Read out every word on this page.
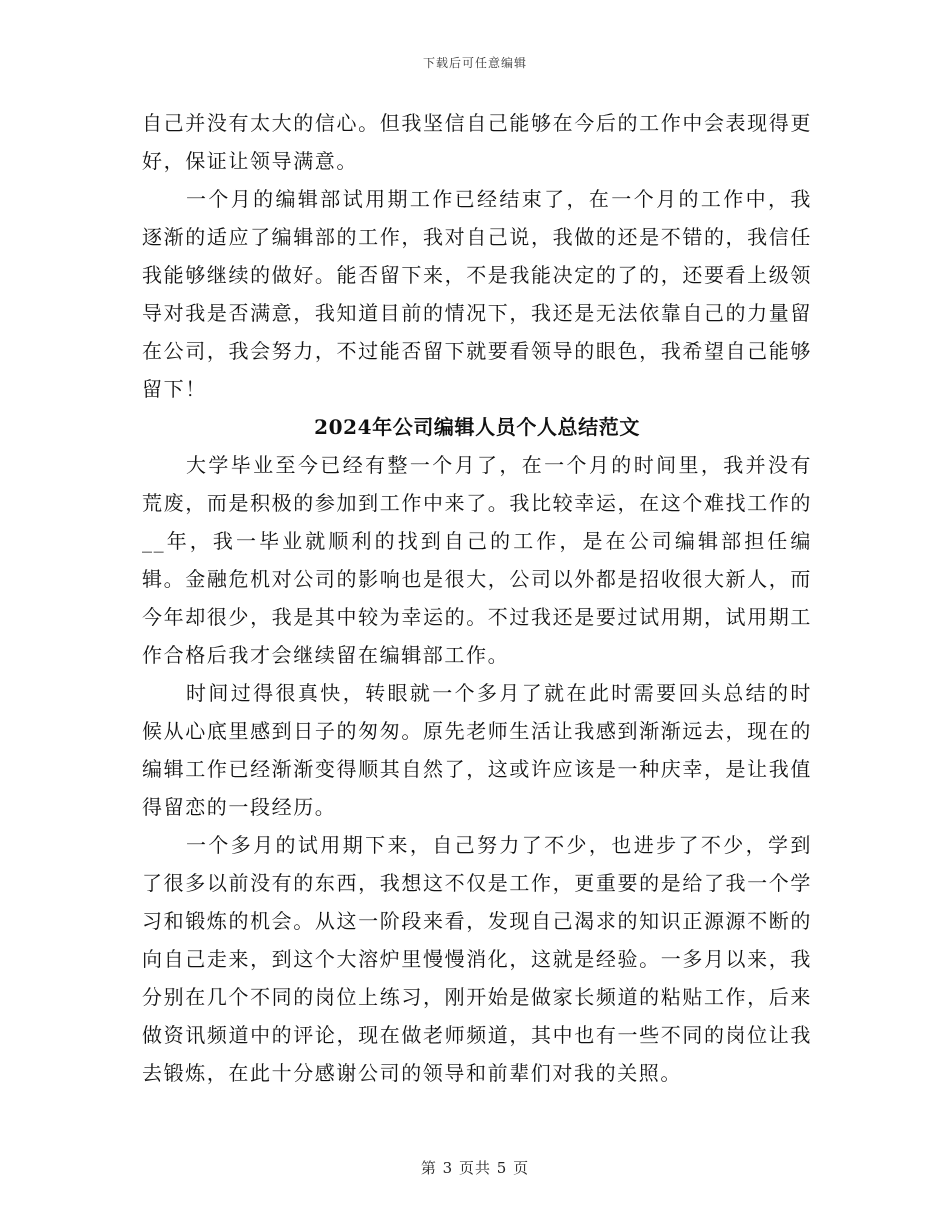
下载后可任意编辑

自己并没有太大的信心。但我坚信自己能够在今后的工作中会表现得更好，保证让领导满意。

一个月的编辑部试用期工作已经结束了，在一个月的工作中，我逐渐的适应了编辑部的工作，我对自己说，我做的还是不错的，我信任我能够继续的做好。能否留下来，不是我能决定的了的，还要看上级领导对我是否满意，我知道目前的情况下，我还是无法依靠自己的力量留在公司，我会努力，不过能否留下就要看领导的眼色，我希望自己能够留下！

2024年公司编辑人员个人总结范文

大学毕业至今已经有整一个月了，在一个月的时间里，我并没有荒废，而是积极的参加到工作中来了。我比较幸运，在这个难找工作的__年，我一毕业就顺利的找到自己的工作，是在公司编辑部担任编辑。金融危机对公司的影响也是很大，公司以外都是招收很大新人，而今年却很少，我是其中较为幸运的。不过我还是要过试用期，试用期工作合格后我才会继续留在编辑部工作。

时间过得很真快，转眼就一个多月了就在此时需要回头总结的时候从心底里感到日子的匆匆。原先老师生活让我感到渐渐远去，现在的编辑工作已经渐渐变得顺其自然了，这或许应该是一种庆幸，是让我值得留恋的一段经历。

一个多月的试用期下来，自己努力了不少，也进步了不少，学到了很多以前没有的东西，我想这不仅是工作，更重要的是给了我一个学习和锻炼的机会。从这一阶段来看，发现自己渴求的知识正源源不断的向自己走来，到这个大溶炉里慢慢消化，这就是经验。一多月以来，我分别在几个不同的岗位上练习，刚开始是做家长频道的粘贴工作，后来做资讯频道中的评论，现在做老师频道，其中也有一些不同的岗位让我去锻炼，在此十分感谢公司的领导和前辈们对我的关照。

第 3 页共 5 页
